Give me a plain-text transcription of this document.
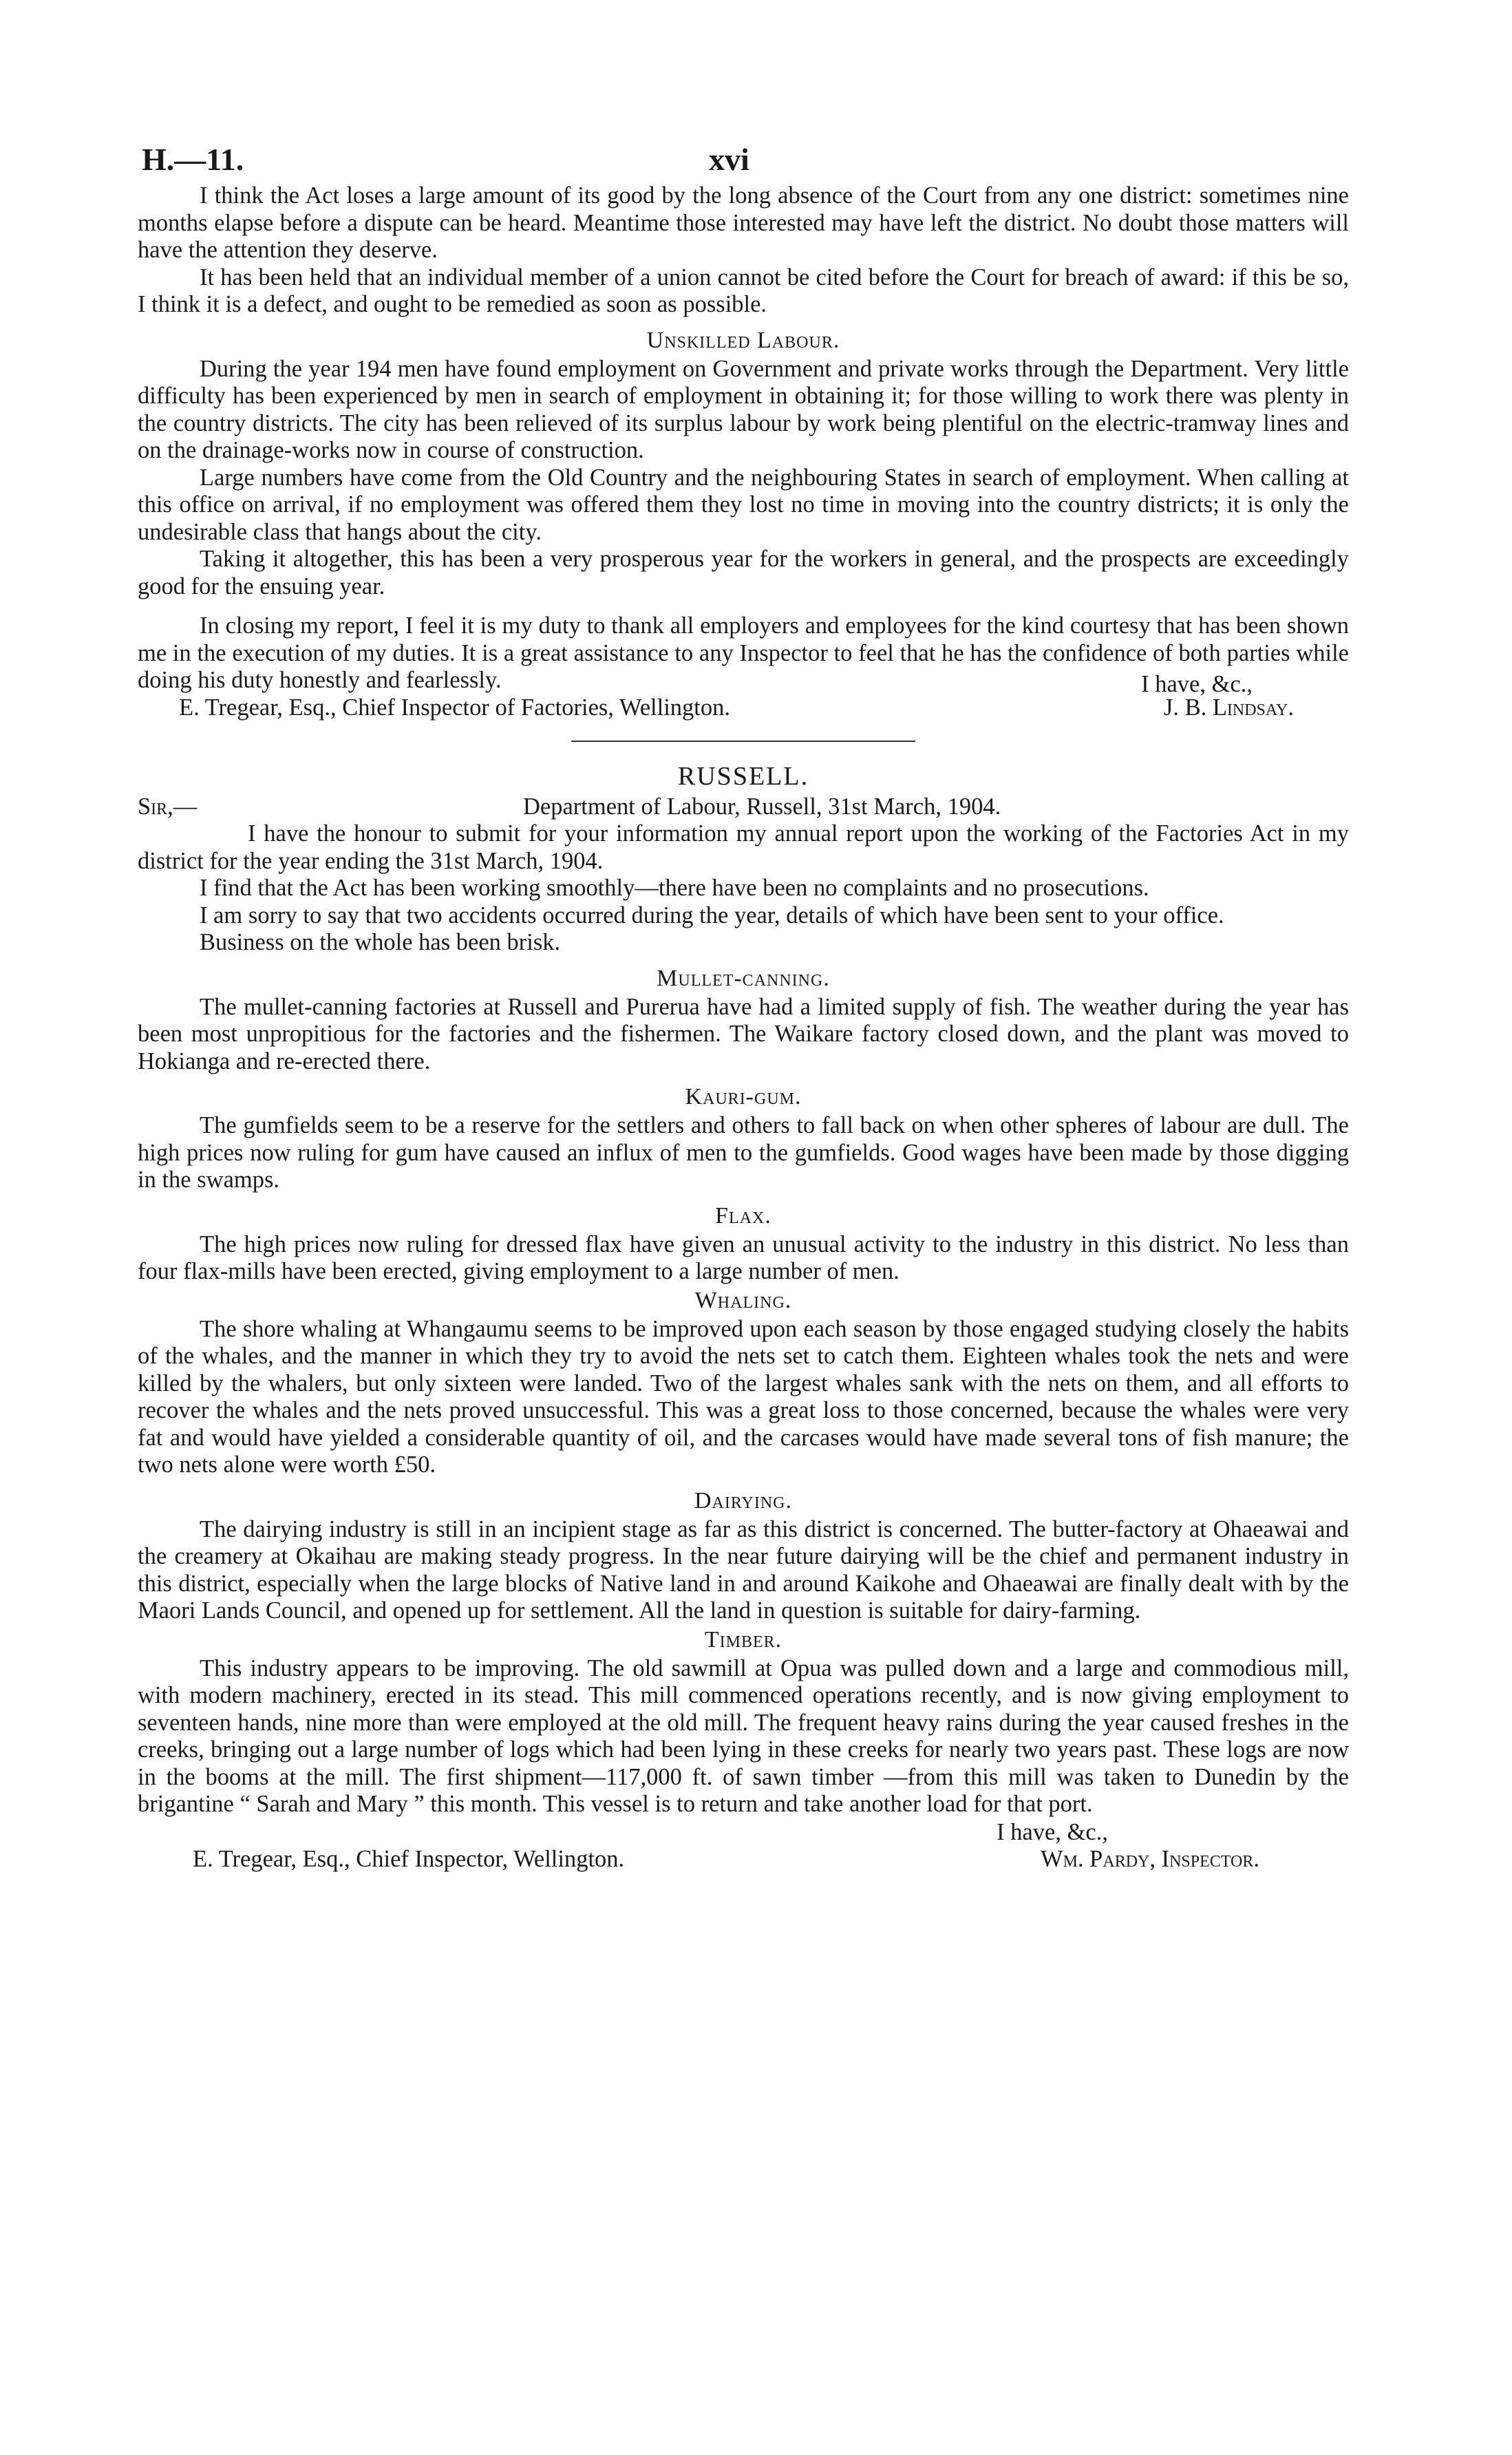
H.—11.	xvi

I think the Act loses a large amount of its good by the long absence of the Court from any one district: sometimes nine months elapse before a dispute can be heard. Meantime those interested may have left the district. No doubt those matters will have the attention they deserve.

It has been held that an individual member of a union cannot be cited before the Court for breach of award: if this be so, I think it is a defect, and ought to be remedied as soon as possible.

Unskilled Labour.

During the year 194 men have found employment on Government and private works through the Department. Very little difficulty has been experienced by men in search of employment in obtaining it; for those willing to work there was plenty in the country districts. The city has been relieved of its surplus labour by work being plentiful on the electric-tramway lines and on the drainage-works now in course of construction.

Large numbers have come from the Old Country and the neighbouring States in search of employment. When calling at this office on arrival, if no employment was offered them they lost no time in moving into the country districts; it is only the undesirable class that hangs about the city.

Taking it altogether, this has been a very prosperous year for the workers in general, and the prospects are exceedingly good for the ensuing year.

In closing my report, I feel it is my duty to thank all employers and employees for the kind courtesy that has been shown me in the execution of my duties. It is a great assistance to any Inspector to feel that he has the confidence of both parties while doing his duty honestly and fearlessly.	I have, &c.,
E. Tregear, Esq., Chief Inspector of Factories, Wellington.	J. B. Lindsay.
RUSSELL.
Sir,—	Department of Labour, Russell, 31st March, 1904.

I have the honour to submit for your information my annual report upon the working of the Factories Act in my district for the year ending the 31st March, 1904.

I find that the Act has been working smoothly—there have been no complaints and no prosecutions.

I am sorry to say that two accidents occurred during the year, details of which have been sent to your office.

Business on the whole has been brisk.

Mullet-canning.

The mullet-canning factories at Russell and Purerua have had a limited supply of fish. The weather during the year has been most unpropitious for the factories and the fishermen. The Waikare factory closed down, and the plant was moved to Hokianga and re-erected there.

Kauri-gum.

The gumfields seem to be a reserve for the settlers and others to fall back on when other spheres of labour are dull. The high prices now ruling for gum have caused an influx of men to the gumfields. Good wages have been made by those digging in the swamps.

Flax.

The high prices now ruling for dressed flax have given an unusual activity to the industry in this district. No less than four flax-mills have been erected, giving employment to a large number of men.

Whaling.

The shore whaling at Whangaumu seems to be improved upon each season by those engaged studying closely the habits of the whales, and the manner in which they try to avoid the nets set to catch them. Eighteen whales took the nets and were killed by the whalers, but only sixteen were landed. Two of the largest whales sank with the nets on them, and all efforts to recover the whales and the nets proved unsuccessful. This was a great loss to those concerned, because the whales were very fat and would have yielded a considerable quantity of oil, and the carcases would have made several tons of fish manure; the two nets alone were worth £50.

Dairying.

The dairying industry is still in an incipient stage as far as this district is concerned. The butter-factory at Ohaeawai and the creamery at Okaihau are making steady progress. In the near future dairying will be the chief and permanent industry in this district, especially when the large blocks of Native land in and around Kaikohe and Ohaeawai are finally dealt with by the Maori Lands Council, and opened up for settlement. All the land in question is suitable for dairy-farming.

Timber.

This industry appears to be improving. The old sawmill at Opua was pulled down and a large and commodious mill, with modern machinery, erected in its stead. This mill commenced operations recently, and is now giving employment to seventeen hands, nine more than were employed at the old mill. The frequent heavy rains during the year caused freshes in the creeks, bringing out a large number of logs which had been lying in these creeks for nearly two years past. These logs are now in the booms at the mill. The first shipment—117,000 ft. of sawn timber —from this mill was taken to Dunedin by the brigantine “ Sarah and Mary ” this month. This vessel is to return and take another load for that port.

I have, &c.,
E. Tregear, Esq., Chief Inspector, Wellington.	Wm. Pardy, Inspector.
